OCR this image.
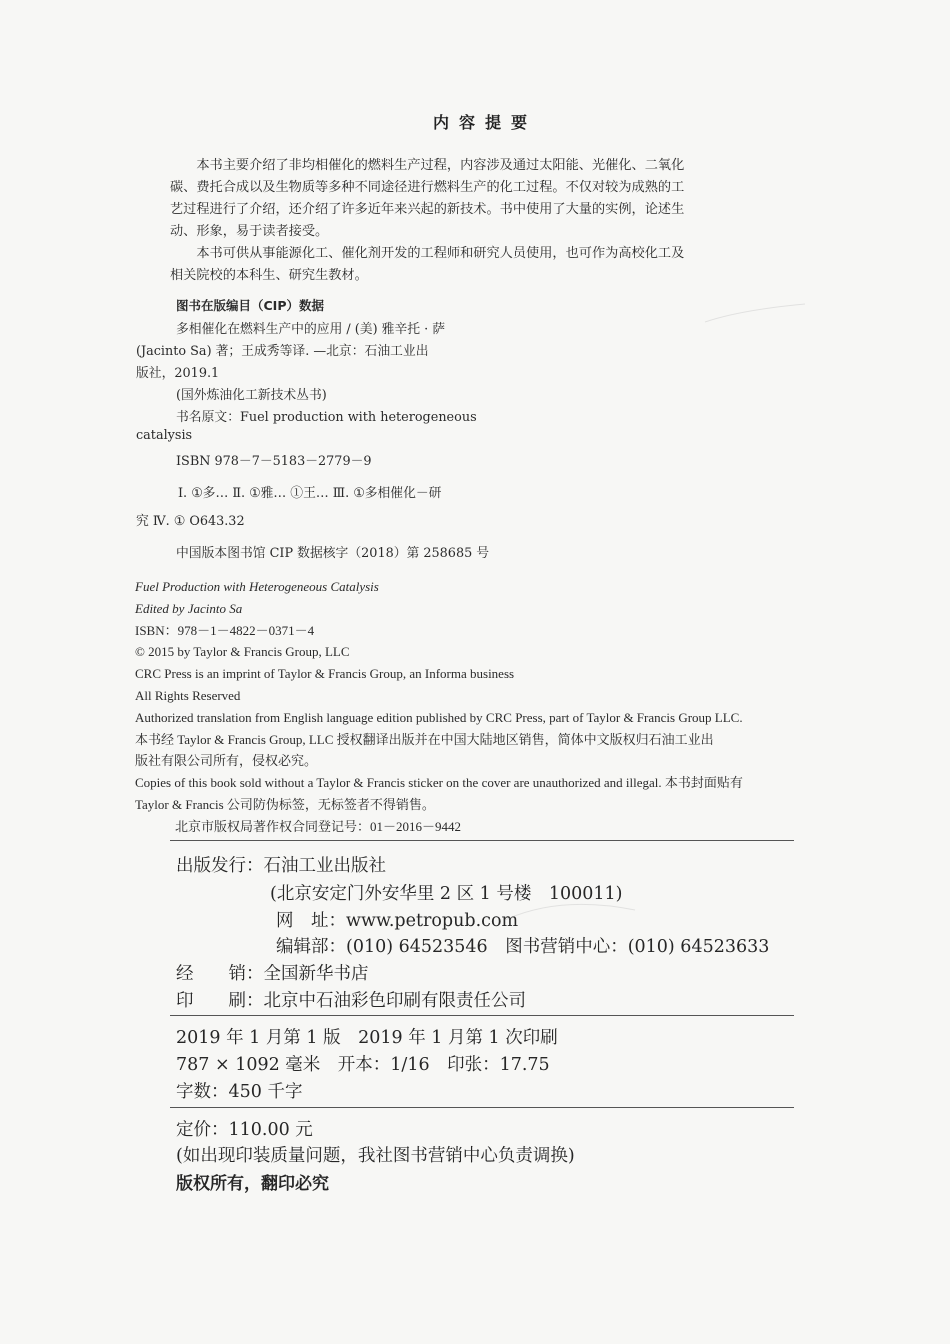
内容提要
　　本书主要介绍了非均相催化的燃料生产过程，内容涉及通过太阳能、光催化、二氧化
碳、费托合成以及生物质等多种不同途径进行燃料生产的化工过程。不仅对较为成熟的工
艺过程进行了介绍，还介绍了许多近年来兴起的新技术。书中使用了大量的实例，论述生
动、形象，易于读者接受。
　　本书可供从事能源化工、催化剂开发的工程师和研究人员使用，也可作为高校化工及
相关院校的本科生、研究生教材。
图书在版编目（CIP）数据
多相催化在燃料生产中的应用 / (美) 雅辛托 · 萨
(Jacinto Sa) 著；王成秀等译. —北京：石油工业出
版社，2019.1
(国外炼油化工新技术丛书)
书名原文：Fuel production with heterogeneous
catalysis
ISBN 978－7－5183－2779－9
Ⅰ. ①多… Ⅱ. ①雅… ①王… Ⅲ. ①多相催化－研
究 Ⅳ. ① O643.32
中国版本图书馆 CIP 数据核字（2018）第 258685 号
Fuel Production with Heterogeneous Catalysis
Edited by Jacinto Sa
ISBN：978－1－4822－0371－4
© 2015 by Taylor & Francis Group, LLC
CRC Press is an imprint of Taylor & Francis Group, an Informa business
All Rights Reserved
Authorized translation from English language edition published by CRC Press, part of Taylor & Francis Group LLC.
本书经 Taylor & Francis Group, LLC 授权翻译出版并在中国大陆地区销售，简体中文版权归石油工业出
版社有限公司所有，侵权必究。
Copies of this book sold without a Taylor & Francis sticker on the cover are unauthorized and illegal. 本书封面贴有
Taylor & Francis 公司防伪标签，无标签者不得销售。
北京市版权局著作权合同登记号：01－2016－9442
出版发行：石油工业出版社
(北京安定门外安华里 2 区 1 号楼　100011)
网　址：www.petropub.com
编辑部：(010) 64523546　图书营销中心：(010) 64523633
经　　销：全国新华书店
印　　刷：北京中石油彩色印刷有限责任公司
2019 年 1 月第 1 版　2019 年 1 月第 1 次印刷
787 × 1092 毫米　开本：1/16　印张：17.75
字数：450 千字
定价：110.00 元
(如出现印装质量问题，我社图书营销中心负责调换)
版权所有，翻印必究
